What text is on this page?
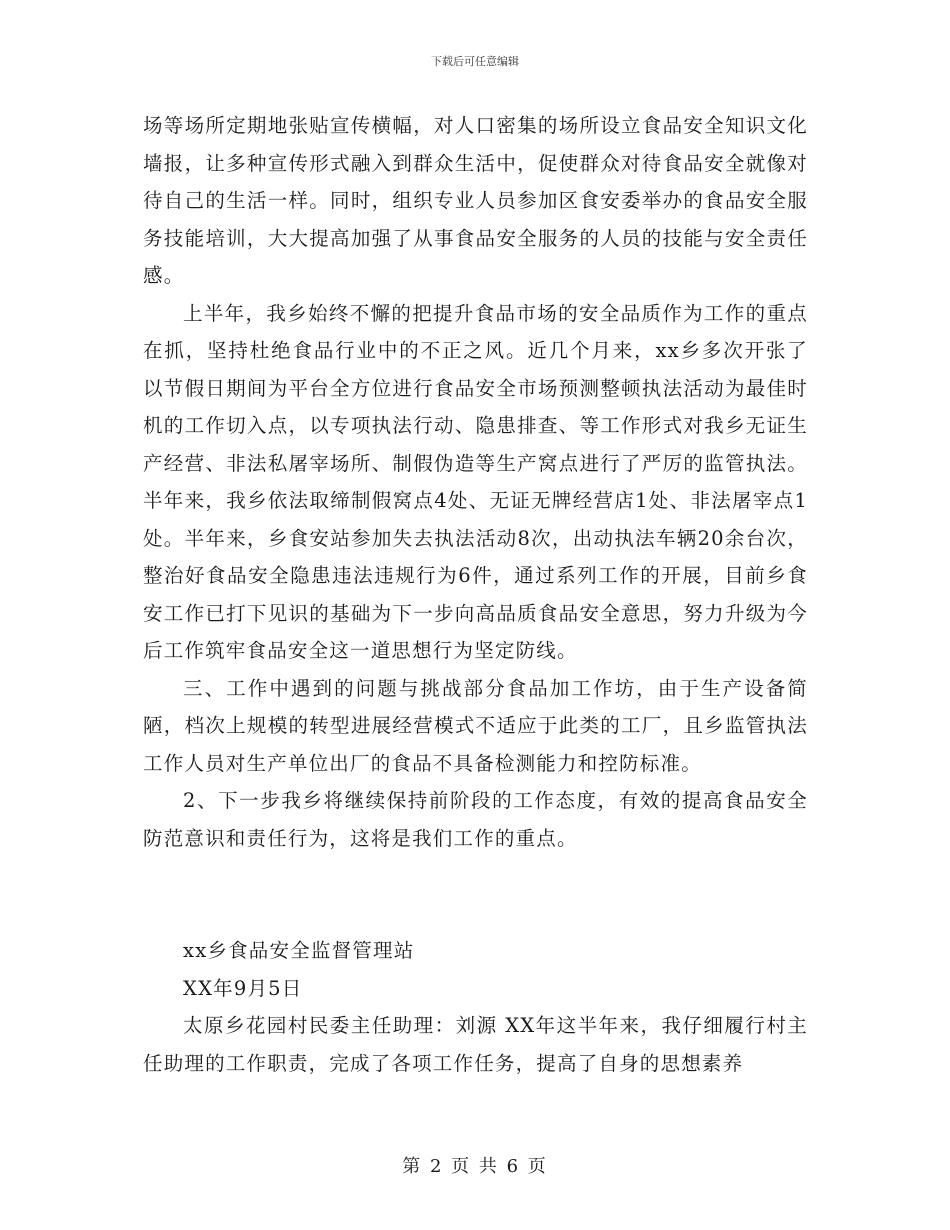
下载后可任意编辑

场等场所定期地张贴宣传横幅，对人口密集的场所设立食品安全知识文化墙报，让多种宣传形式融入到群众生活中，促使群众对待食品安全就像对待自己的生活一样。同时，组织专业人员参加区食安委举办的食品安全服务技能培训，大大提高加强了从事食品安全服务的人员的技能与安全责任感。

上半年，我乡始终不懈的把提升食品市场的安全品质作为工作的重点在抓，坚持杜绝食品行业中的不正之风。近几个月来，xx乡多次开张了以节假日期间为平台全方位进行食品安全市场预测整顿执法活动为最佳时机的工作切入点，以专项执法行动、隐患排查、等工作形式对我乡无证生产经营、非法私屠宰场所、制假伪造等生产窝点进行了严厉的监管执法。半年来，我乡依法取缔制假窝点4处、无证无牌经营店1处、非法屠宰点1处。半年来，乡食安站参加失去执法活动8次，出动执法车辆20余台次，整治好食品安全隐患违法违规行为6件，通过系列工作的开展，目前乡食安工作已打下见识的基础为下一步向高品质食品安全意思，努力升级为今后工作筑牢食品安全这一道思想行为坚定防线。

三、工作中遇到的问题与挑战部分食品加工作坊，由于生产设备简陋，档次上规模的转型进展经营模式不适应于此类的工厂，且乡监管执法工作人员对生产单位出厂的食品不具备检测能力和控防标准。

2、下一步我乡将继续保持前阶段的工作态度，有效的提高食品安全防范意识和责任行为，这将是我们工作的重点。

xx乡食品安全监督管理站

XX年9月5日

太原乡花园村民委主任助理：刘源 XX年这半年来，我仔细履行村主任助理的工作职责，完成了各项工作任务，提高了自身的思想素养

第 2 页 共 6 页
